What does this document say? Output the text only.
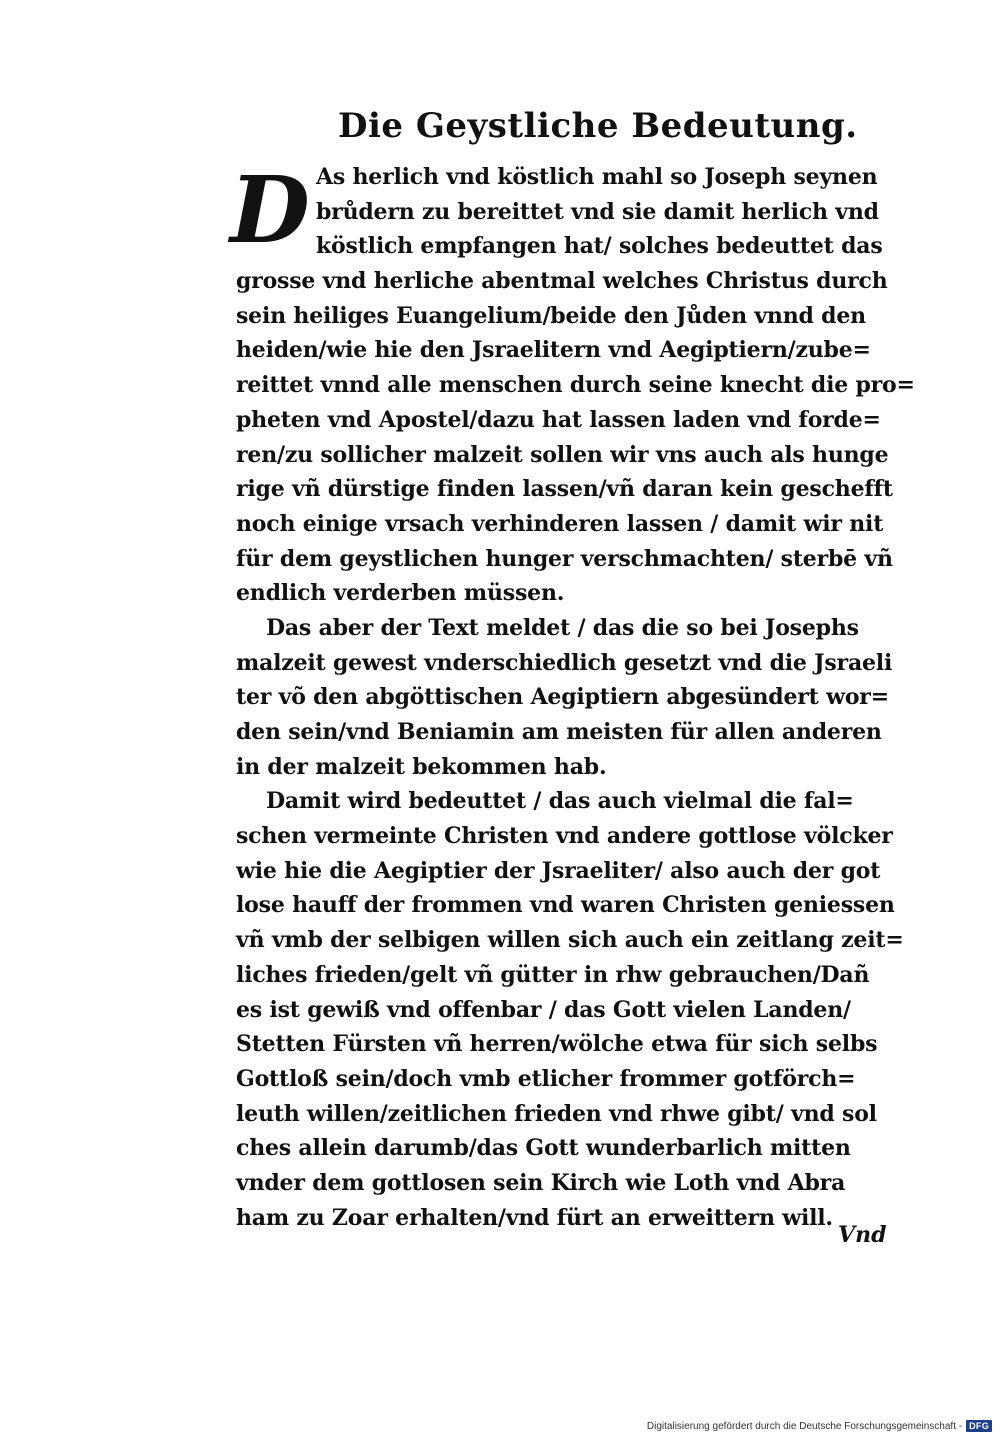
Die Geystliche Bedeutung.
D As herlich vnd köstlich mahl so Joseph seynen
brůdern zu bereittet vnd sie damit herlich vnd
köstlich empfangen hat/ solches bedeuttet das
grosse vnd herliche abentmal welches Christus durch
sein heiliges Euangelium/beide den Jůden vnnd den
heiden/wie hie den Jsraelitern vnd Aegiptiern/zube=
reittet vnnd alle menschen durch seine knecht die pro=
pheten vnd Apostel/dazu hat lassen laden vnd forde=
ren/zu sollicher malzeit sollen wir vns auch als hunge
rige vñ dürstige finden lassen/vñ daran kein geschefft
noch einige vrsach verhinderen lassen / damit wir nit
für dem geystlichen hunger verschmachten/ sterbē vñ
endlich verderben müssen.
Das aber der Text meldet / das die so bei Josephs
malzeit gewest vnderschiedlich gesetzt vnd die Jsraeli
ter võ den abgöttischen Aegiptiern abgesündert wor=
den sein/vnd Beniamin am meisten für allen anderen
in der malzeit bekommen hab.
Damit wird bedeuttet / das auch vielmal die fal=
schen vermeinte Christen vnd andere gottlose völcker
wie hie die Aegiptier der Jsraeliter/ also auch der got
lose hauff der frommen vnd waren Christen geniessen
vñ vmb der selbigen willen sich auch ein zeitlang zeit=
liches frieden/gelt vñ gütter in rhw gebrauchen/Dañ
es ist gewiß vnd offenbar / das Gott vielen Landen/
Stetten Fürsten vñ herren/wölche etwa für sich selbs
Gottloß sein/doch vmb etlicher frommer gotförch=
leuth willen/zeitlichen frieden vnd rhwe gibt/ vnd sol
ches allein darumb/das Gott wunderbarlich mitten
vnder dem gottlosen sein Kirch wie Loth vnd Abra
ham zu Zoar erhalten/vnd fürt an erweittern will.
Vnd
Digitalisierung gefördert durch die Deutsche Forschungsgemeinschaft - DFG
